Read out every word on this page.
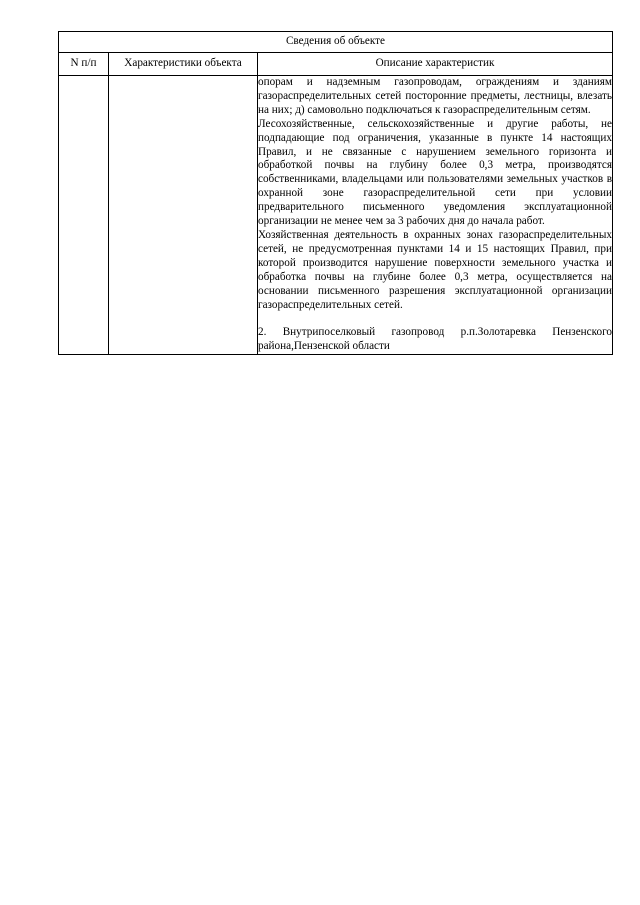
Сведения об объекте		
N п/п	Характеристики объекта	Описание характеристик

		опорам и надземным газопроводам, ограждениям и зданиям газораспределительных сетей посторонние предметы, лестницы, влезать на них; д) самовольно подключаться к газораспределительным сетям.

Лесохозяйственные, сельскохозяйственные и другие работы, не подпадающие под ограничения, указанные в пункте 14 настоящих Правил, и не связанные с нарушением земельного горизонта и обработкой почвы на глубину более 0,3 метра, производятся собственниками, владельцами или пользователями земельных участков в охранной зоне газораспределительной сети при условии предварительного письменного уведомления эксплуатационной организации не менее чем за 3 рабочих дня до начала работ.

Хозяйственная деятельность в охранных зонах газораспределительных сетей, не предусмотренная пунктами 14 и 15 настоящих Правил, при которой производится нарушение поверхности земельного участка и обработка почвы на глубине более 0,3 метра, осуществляется на основании письменного разрешения эксплуатационной организации газораспределительных сетей.

2. Внутрипоселковый газопровод р.п.Золотаревка Пензенского района,Пензенской области
